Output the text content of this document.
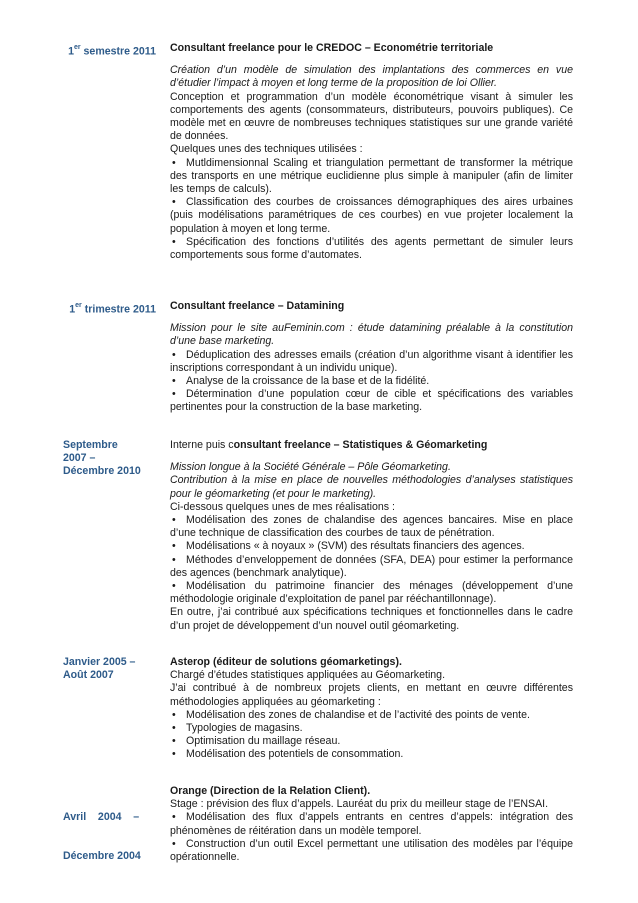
1er semestre 2011 Consultant freelance pour le CREDOC – Econométrie territoriale
Création d’un modèle de simulation des implantations des commerces en vue d’étudier l’impact à moyen et long terme de la proposition de loi Ollier.
Conception et programmation d’un modèle économétrique visant à simuler les comportements des agents (consommateurs, distributeurs, pouvoirs publiques). Ce modèle met en œuvre de nombreuses techniques statistiques sur une grande variété de données.
Quelques unes des techniques utilisées :
• Mutldimensionnal Scaling et triangulation permettant de transformer la métrique des transports en une métrique euclidienne plus simple à manipuler (afin de limiter les temps de calculs).
• Classification des courbes de croissances démographiques des aires urbaines (puis modélisations paramétriques de ces courbes) en vue projeter localement la population à moyen et long terme.
• Spécification des fonctions d’utilités des agents permettant de simuler leurs comportements sous forme d’automates.
1er trimestre 2011 Consultant freelance – Datamining
Mission pour le site auFeminin.com : étude datamining préalable à la constitution d’une base marketing.
• Déduplication des adresses emails (création d’un algorithme visant à identifier les inscriptions correspondant à un individu unique).
• Analyse de la croissance de la base et de la fidélité.
• Détermination d’une population cœur de cible et spécifications des variables pertinentes pour la construction de la base marketing.
Septembre
2007 –
Décembre 2010
Interne puis consultant freelance – Statistiques & Géomarketing
Mission longue à la Société Générale – Pôle Géomarketing.
Contribution à la mise en place de nouvelles méthodologies d’analyses statistiques pour le géomarketing (et pour le marketing).
Ci-dessous quelques unes de mes réalisations :
• Modélisation des zones de chalandise des agences bancaires. Mise en place d’une technique de classification des courbes de taux de pénétration.
• Modélisations « à noyaux » (SVM) des résultats financiers des agences.
• Méthodes d’enveloppement de données (SFA, DEA) pour estimer la performance des agences (benchmark analytique).
• Modélisation du patrimoine financier des ménages (développement d’une méthodologie originale d’exploitation de panel par rééchantillonnage).
En outre, j’ai contribué aux spécifications techniques et fonctionnelles dans le cadre d’un projet de développement d’un nouvel outil géomarketing.
Janvier 2005 –
Août 2007
Asterop (éditeur de solutions géomarketings).
Chargé d’études statistiques appliquées au Géomarketing.
J’ai contribué à de nombreux projets clients, en mettant en œuvre différentes méthodologies appliquées au géomarketing :
• Modélisation des zones de chalandise et de l’activité des points de vente.
• Typologies de magasins.
• Optimisation du maillage réseau.
• Modélisation des potentiels de consommation.

Avril    2004    –

Décembre 2004

Orange (Direction de la Relation Client).
Stage : prévision des flux d’appels. Lauréat du prix du meilleur stage de l’ENSAI.
• Modélisation des flux d’appels entrants en centres d’appels: intégration des phénomènes de réitération dans un modèle temporel.
• Construction d’un outil Excel permettant une utilisation des modèles par l’équipe opérationnelle.
